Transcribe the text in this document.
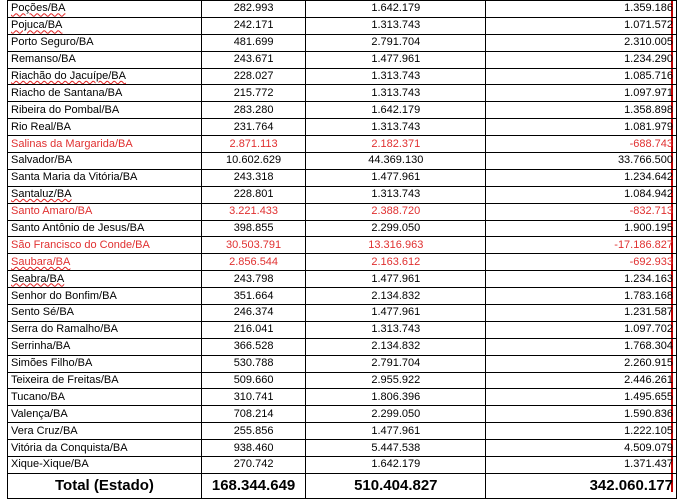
Poções/BA	282.993	1.642.179	1.359.186
Pojuca/BA	242.171	1.313.743	1.071.572
Porto Seguro/BA	481.699	2.791.704	2.310.005
Remanso/BA	243.671	1.477.961	1.234.290
Riachão do Jacuípe/BA	228.027	1.313.743	1.085.716
Riacho de Santana/BA	215.772	1.313.743	1.097.971
Ribeira do Pombal/BA	283.280	1.642.179	1.358.898
Rio Real/BA	231.764	1.313.743	1.081.979
Salinas da Margarida/BA	2.871.113	2.182.371	-688.743
Salvador/BA	10.602.629	44.369.130	33.766.500
Santa Maria da Vitória/BA	243.318	1.477.961	1.234.642
Santaluz/BA	228.801	1.313.743	1.084.942
Santo Amaro/BA	3.221.433	2.388.720	-832.713
Santo Antônio de Jesus/BA	398.855	2.299.050	1.900.195
São Francisco do Conde/BA	30.503.791	13.316.963	-17.186.827
Saubara/BA	2.856.544	2.163.612	-692.933
Seabra/BA	243.798	1.477.961	1.234.163
Senhor do Bonfim/BA	351.664	2.134.832	1.783.168
Sento Sé/BA	246.374	1.477.961	1.231.587
Serra do Ramalho/BA	216.041	1.313.743	1.097.702
Serrinha/BA	366.528	2.134.832	1.768.304
Simões Filho/BA	530.788	2.791.704	2.260.915
Teixeira de Freitas/BA	509.660	2.955.922	2.446.261
Tucano/BA	310.741	1.806.396	1.495.655
Valença/BA	708.214	2.299.050	1.590.836
Vera Cruz/BA	255.856	1.477.961	1.222.105
Vitória da Conquista/BA	938.460	5.447.538	4.509.079
Xique-Xique/BA	270.742	1.642.179	1.371.437
Total (Estado)	168.344.649	510.404.827	342.060.177
